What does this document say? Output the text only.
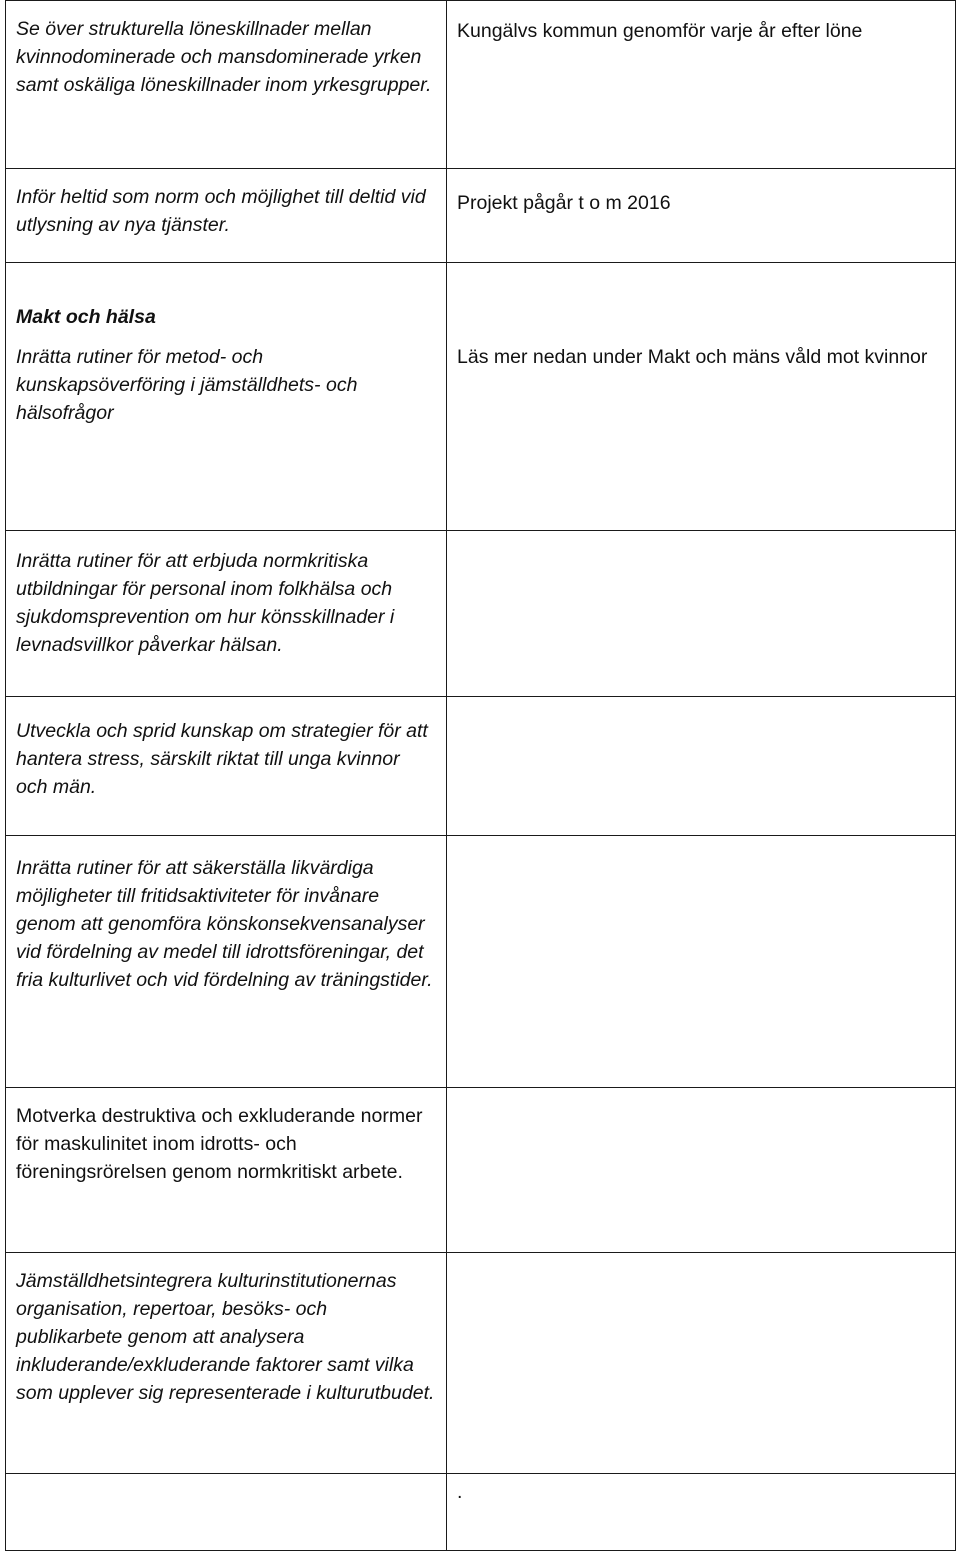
Se över strukturella löneskillnader mellan kvinnodominerade och mansdominerade yrken samt oskäliga löneskillnader inom yrkesgrupper.	Kungälvs kommun genomför varje år efter löne
Inför heltid som norm och möjlighet till deltid vid utlysning av nya tjänster.	Projekt pågår t o m 2016

Makt och hälsa
Inrätta rutiner för metod- och kunskapsöverföring i jämställdhets- och hälsofrågor	Läs mer nedan under Makt och mäns våld mot kvinnor
Inrätta rutiner för att erbjuda normkritiska utbildningar för personal inom folkhälsa och sjukdomsprevention om hur könsskillnader i levnadsvillkor påverkar hälsan.	
Utveckla och sprid kunskap om strategier för att hantera stress, särskilt riktat till unga kvinnor och män.	
Inrätta rutiner för att säkerställa likvärdiga möjligheter till fritidsaktiviteter för invånare genom att genomföra könskonsekvensanalyser vid fördelning av medel till idrottsföreningar, det fria kulturlivet och vid fördelning av träningstider.	
Motverka destruktiva och exkluderande normer för maskulinitet inom idrotts- och föreningsrörelsen genom normkritiskt arbete.	
Jämställdhetsintegrera kulturinstitutionernas organisation, repertoar, besöks- och publikarbete genom att analysera inkluderande/exkluderande faktorer samt vilka som upplever sig representerade i kulturutbudet.	
	.
